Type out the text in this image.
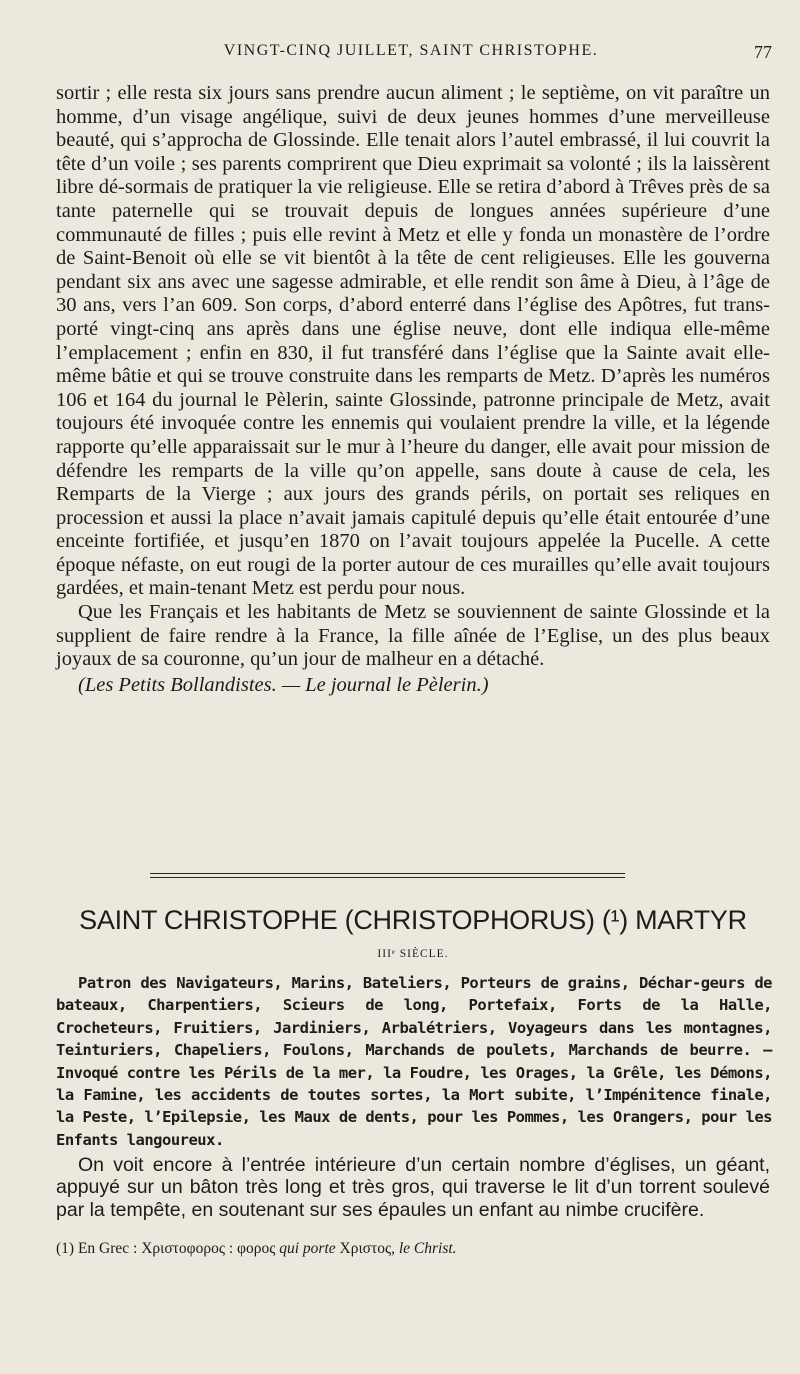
VINGT-CINQ JUILLET, SAINT CHRISTOPHE.	77

sortir ; elle resta six jours sans prendre aucun aliment ; le septième, on vit paraître un homme, d’un visage angélique, suivi de deux jeunes hommes d’une merveilleuse beauté, qui s’approcha de Glossinde. Elle tenait alors l’autel embrassé, il lui couvrit la tête d’un voile ; ses parents comprirent que Dieu exprimait sa volonté ; ils la laissèrent libre dé-sormais de pratiquer la vie religieuse. Elle se retira d’abord à Trêves près de sa tante paternelle qui se trouvait depuis de longues années supérieure d’une communauté de filles ; puis elle revint à Metz et elle y fonda un monastère de l’ordre de Saint-Benoit où elle se vit bientôt à la tête de cent religieuses. Elle les gouverna pendant six ans avec une sagesse admirable, et elle rendit son âme à Dieu, à l’âge de 30 ans, vers l’an 609. Son corps, d’abord enterré dans l’église des Apôtres, fut trans-porté vingt-cinq ans après dans une église neuve, dont elle indiqua elle-même l’emplacement ; enfin en 830, il fut transféré dans l’église que la Sainte avait elle-même bâtie et qui se trouve construite dans les remparts de Metz. D’après les numéros 106 et 164 du journal le Pèlerin, sainte Glossinde, patronne principale de Metz, avait toujours été invoquée contre les ennemis qui voulaient prendre la ville, et la légende rapporte qu’elle apparaissait sur le mur à l’heure du danger, elle avait pour mission de défendre les remparts de la ville qu’on appelle, sans doute à cause de cela, les Remparts de la Vierge ; aux jours des grands périls, on portait ses reliques en procession et aussi la place n’avait jamais capitulé depuis qu’elle était entourée d’une enceinte fortifiée, et jusqu’en 1870 on l’avait toujours appelée la Pucelle. A cette époque néfaste, on eut rougi de la porter autour de ces murailles qu’elle avait toujours gardées, et main-tenant Metz est perdu pour nous.

Que les Français et les habitants de Metz se souviennent de sainte Glossinde et la supplient de faire rendre à la France, la fille aînée de l’Eglise, un des plus beaux joyaux de sa couronne, qu’un jour de malheur en a détaché.

(Les Petits Bollandistes. — Le journal le Pèlerin.)

SAINT CHRISTOPHE (CHRISTOPHORUS) (¹) MARTYR
IIIᵉ SIÈCLE.
Patron des Navigateurs, Marins, Bateliers, Porteurs de grains, Déchar-geurs de bateaux, Charpentiers, Scieurs de long, Portefaix, Forts de la Halle, Crocheteurs, Fruitiers, Jardiniers, Arbalétriers, Voyageurs dans les montagnes, Teinturiers, Chapeliers, Foulons, Marchands de poulets, Marchands de beurre. — Invoqué contre les Périls de la mer, la Foudre, les Orages, la Grêle, les Démons, la Famine, les accidents de toutes sortes, la Mort subite, l’Impénitence finale, la Peste, l’Epilepsie, les Maux de dents, pour les Pommes, les Orangers, pour les Enfants langoureux.
On voit encore à l’entrée intérieure d’un certain nombre d’églises, un géant, appuyé sur un bâton très long et très gros, qui traverse le lit d’un torrent soulevé par la tempête, en soutenant sur ses épaules un enfant au nimbe crucifère.
(1) En Grec : Χριστοφορος : φορος qui porte Χριστος, le Christ.
